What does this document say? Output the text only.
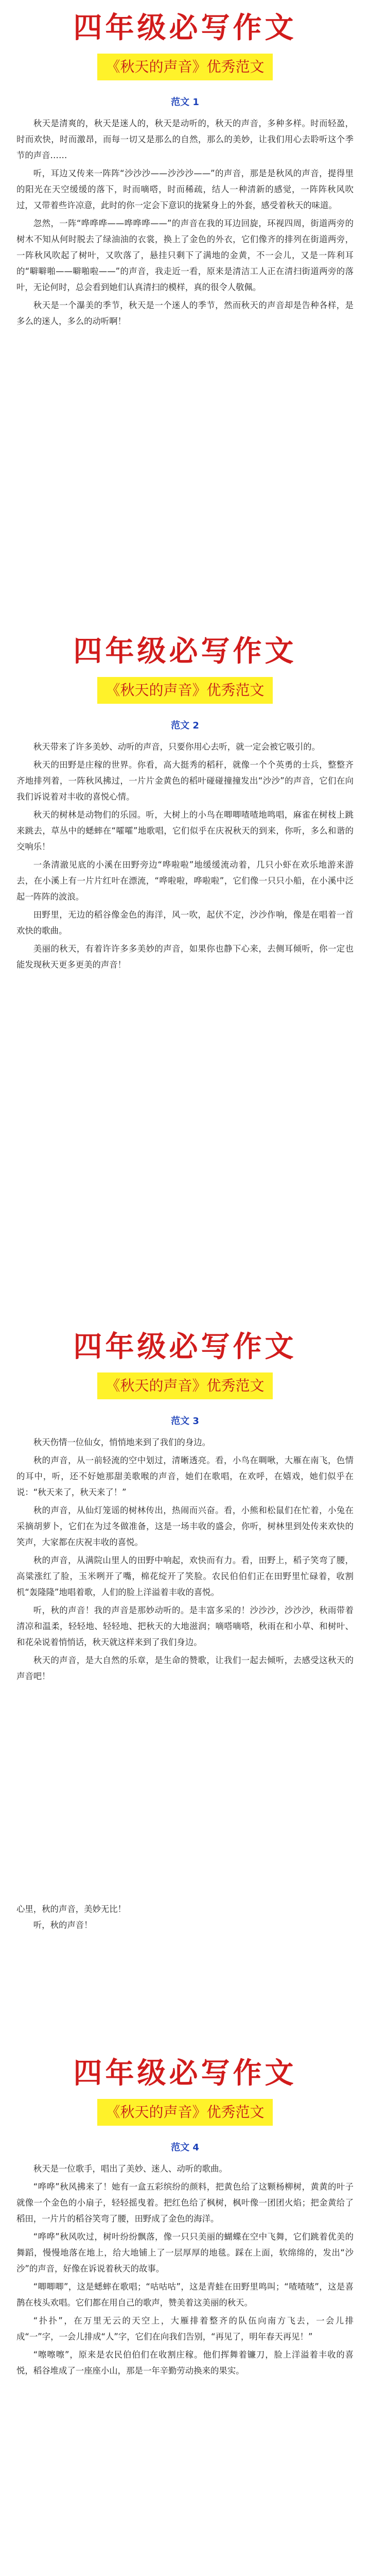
四年级必写作文
《秋天的声音》优秀范文
范文 1

秋天是清爽的，秋天是迷人的，秋天是动听的，秋天的声音，多种多样。时而轻盈，时而欢快，时而激昂，而每一切又是那么的自然，那么的美妙，让我们用心去聆听这个季节的声音……

听，耳边又传来一阵阵“沙沙沙——沙沙沙——”的声音，那是是秋风的声音，提得里的阳光在天空缓缓的落下，时而嘀嗒，时而稀疏，结人一种清新的感觉，一阵阵秋风吹过，又带着些许凉意，此时的你一定会下意识的拢紧身上的外套，感受着秋天的味道。

忽然，一阵“哗哗哗——哗哗哗——”的声音在我的耳边回旋，环视四周，街道两旁的树木不知从何时脱去了绿油油的衣裳，换上了金色的外衣，它们像齐的排列在街道两旁，一阵秋风吹起了树叶，又吹落了，悬挂只剩下了满地的金黄，不一会儿，又是一阵利耳的“噼噼啪——噼啪啦——”的声音，我走近一看，原来是清洁工人正在清扫街道两旁的落叶，无论何时，总会看到她们认真清扫的模样，真的很令人敬佩。

秋天是一个瀑美的季节，秋天是一个迷人的季节，然而秋天的声音却是告种各样，是多么的迷人，多么的动听啊！

四年级必写作文
《秋天的声音》优秀范文
范文 2

秋天带来了许多美妙、动听的声音，只要你用心去听，就一定会被它吸引的。

秋天的田野是庄稼的世界。你看，高大挺秀的稻秆，就像一个个英勇的士兵，整整齐齐地排列着，一阵秋风拂过，一片片金黄色的稻叶碰碰撞撞发出“沙沙”的声音，它们在向我们诉说着对丰收的喜悦心情。

秋天的树林是动物们的乐园。听，大树上的小鸟在唧唧喳喳地鸣唱，麻雀在树枝上跳来跳去，草丛中的蟋蟀在“嚯嚯”地歌唱，它们似乎在庆祝秋天的到来，你听，多么和谐的交响乐！

一条清澈见底的小溪在田野旁边“哗啦啦”地缓缓流动着，几只小虾在欢乐地游来游去，在小溪上有一片片红叶在漂流，“哗啦啦，哗啦啦”，它们像一只只小船，在小溪中泛起一阵阵的波浪。

田野里，无边的稻谷像金色的海洋，风一吹，起伏不定，沙沙作响，像是在唱着一首欢快的歌曲。

美丽的秋天，有着许许多多美妙的声音，如果你也静下心来，去侧耳倾听，你一定也能发现秋天更多更美的声音！

四年级必写作文
《秋天的声音》优秀范文
范文 3

秋天伤情一位仙女，悄悄地来到了我们的身边。

秋的声音，从一前轻流的空中划过，清晰透亮。看，小鸟在啁啾，大雁在南飞，色情的耳中，听，还不好她那甜美歌喉的声音，她们在歌唱，在欢呼，在嬉戏，她们似乎在说：“秋天来了，秋天来了！”

秋的声音，从仙灯笼谣的树林传出，热闹而兴奋。看，小熊和松鼠们在忙着，小兔在采摘胡萝卜，它们在为过冬做准备，这是一场丰收的盛会，你听，树林里到处传来欢快的笑声，大家都在庆祝丰收的喜悦。

秋的声音，从满院山里人的田野中响起，欢快而有力。看，田野上，稻子笑弯了腰，高粱涨红了脸，玉米咧开了嘴，棉花绽开了笑脸。农民伯伯们正在田野里忙碌着，收割机“轰隆隆”地唱着歌，人们的脸上洋溢着丰收的喜悦。

听，秋的声音！我的声音是那妙动听的。是丰富多采的！沙沙沙，沙沙沙，秋雨带着清凉和温柔，轻轻地、轻轻地、把秋天的大地滋润；嘀嗒嘀嗒，秋雨在和小草、和树叶、和花朵说着悄悄话，秋天就这样来到了我们身边。

秋天的声音，是大自然的乐章，是生命的赞歌，让我们一起去倾听，去感受这秋天的声音吧！

心里，秋的声音，美妙无比！

听，秋的声音！

四年级必写作文
《秋天的声音》优秀范文
范文 4

秋天是一位歌手，唱出了美妙、迷人、动听的歌曲。

“哗哗”秋风拂来了！她有一盒五彩缤纷的颜料，把黄色给了这颗杨柳树，黄黄的叶子就像一个金色的小扇子，轻轻摇曳着。把红色给了枫树，枫叶像一团团火焰；把金黄给了稻田，一片片的稻谷笑弯了腰，田野成了金色的海洋。

“哗哗”秋风吹过，树叶纷纷飘落，像一只只美丽的蝴蝶在空中飞舞，它们跳着优美的舞蹈，慢慢地落在地上，给大地铺上了一层厚厚的地毯。踩在上面，软绵绵的，发出“沙沙”的声音，好像在诉说着秋天的故事。

“唧唧唧”，这是蟋蟀在歌唱；“咕咕咕”，这是青蛙在田野里鸣叫；“喳喳喳”，这是喜鹊在枝头欢唱。它们都在用自己的歌声，赞美着这美丽的秋天。

“扑扑”，在万里无云的天空上，大雁排着整齐的队伍向南方飞去，一会儿排成“一”字，一会儿排成“人”字，它们在向我们告别，“再见了，明年春天再见！”

“嚓嚓嚓”，原来是农民伯伯们在收割庄稼。他们挥舞着镰刀，脸上洋溢着丰收的喜悦，稻谷堆成了一座座小山，那是一年辛勤劳动换来的果实。
